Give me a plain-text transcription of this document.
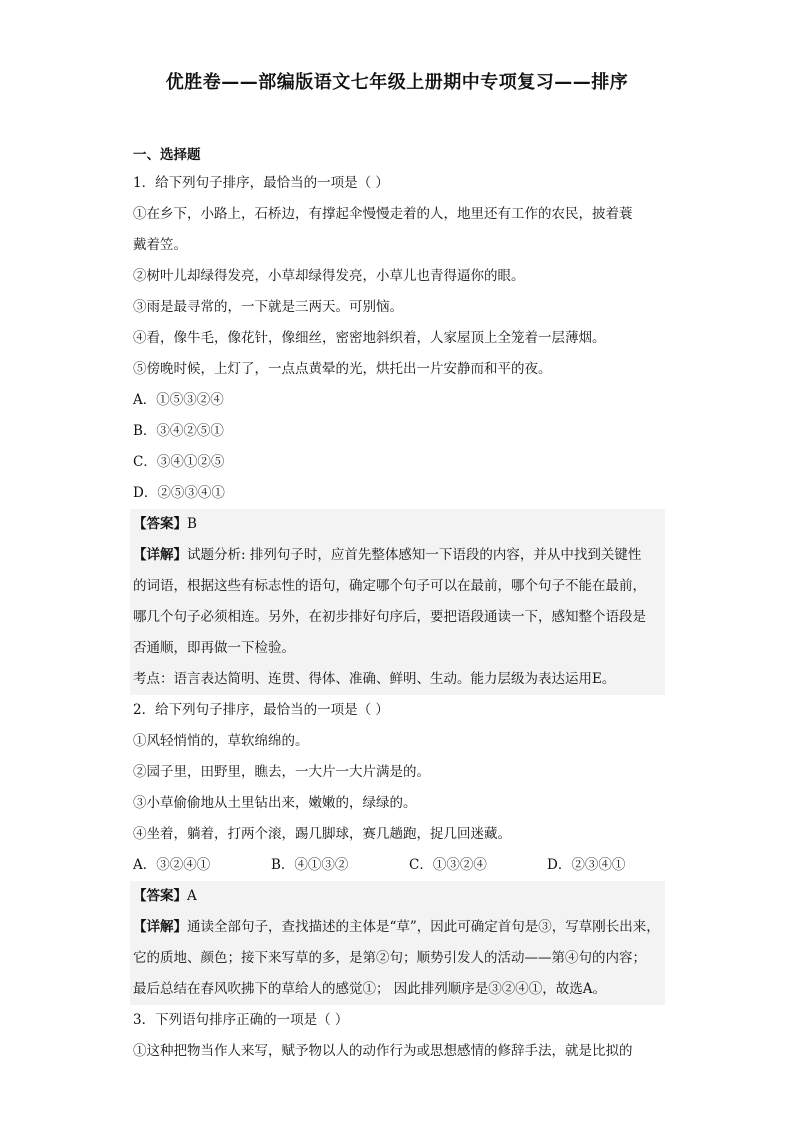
优胜卷——部编版语文七年级上册期中专项复习——排序
一、选择题
1．给下列句子排序，最恰当的一项是（ ）
①在乡下，小路上，石桥边，有撑起伞慢慢走着的人，地里还有工作的农民，披着蓑
戴着笠。
②树叶儿却绿得发亮，小草却绿得发亮，小草儿也青得逼你的眼。
③雨是最寻常的，一下就是三两天。可别恼。
④看，像牛毛，像花针，像细丝，密密地斜织着，人家屋顶上全笼着一层薄烟。
⑤傍晚时候，上灯了，一点点黄晕的光，烘托出一片安静而和平的夜。
A．①⑤③②④
B．③④②⑤①
C．③④①②⑤
D．②⑤③④①
【答案】B
【详解】试题分析: 排列句子时，应首先整体感知一下语段的内容，并从中找到关键性
的词语，根据这些有标志性的语句，确定哪个句子可以在最前，哪个句子不能在最前，
哪几个句子必须相连。另外，在初步排好句序后，要把语段通读一下，感知整个语段是
否通顺，即再做一下检验。
考点：语言表达简明、连贯、得体、准确、鲜明、生动。能力层级为表达运用E。
2．给下列句子排序，最恰当的一项是（ ）
①风轻悄悄的，草软绵绵的。
②园子里，田野里，瞧去，一大片一大片满是的。
③小草偷偷地从土里钻出来，嫩嫩的，绿绿的。
④坐着，躺着，打两个滚，踢几脚球，赛几趟跑，捉几回迷藏。
A．③②④①	B．④①③②	C．①③②④	D．②③④①
【答案】A
【详解】通读全部句子，查找描述的主体是“草”，因此可确定首句是③，写草刚长出来，
它的质地、颜色；接下来写草的多，是第②句；顺势引发人的活动——第④句的内容；
最后总结在春风吹拂下的草给人的感觉①； 因此排列顺序是③②④①，故选A。
3．下列语句排序正确的一项是（ ）
①这种把物当作人来写，赋予物以人的动作行为或思想感情的修辞手法，就是比拟的
